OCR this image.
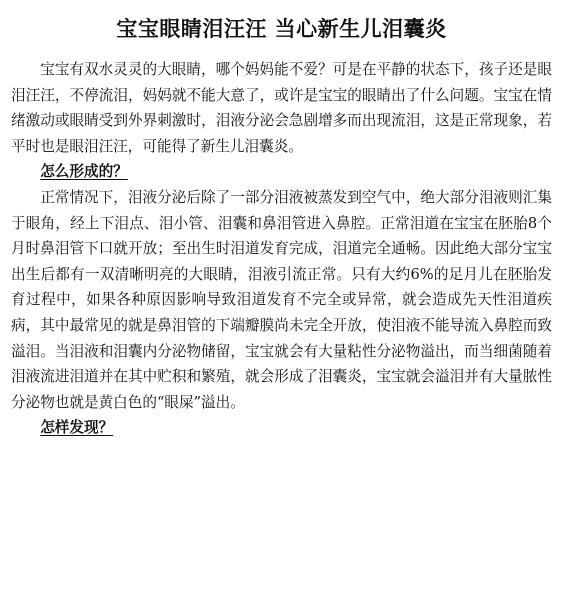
宝宝眼睛泪汪汪 当心新生儿泪囊炎

宝宝有双水灵灵的大眼睛，哪个妈妈能不爱？可是在平静的状态下，孩子还是眼泪汪汪，不停流泪，妈妈就不能大意了，或许是宝宝的眼睛出了什么问题。宝宝在情绪激动或眼睛受到外界刺激时，泪液分泌会急剧增多而出现流泪，这是正常现象，若平时也是眼泪汪汪，可能得了新生儿泪囊炎。

怎么形成的？

正常情况下，泪液分泌后除了一部分泪液被蒸发到空气中，绝大部分泪液则汇集于眼角，经上下泪点、泪小管、泪囊和鼻泪管进入鼻腔。正常泪道在宝宝在胚胎8个月时鼻泪管下口就开放；至出生时泪道发育完成，泪道完全通畅。因此绝大部分宝宝出生后都有一双清晰明亮的大眼睛，泪液引流正常。只有大约6%的足月儿在胚胎发育过程中，如果各种原因影响导致泪道发育不完全或异常，就会造成先天性泪道疾病，其中最常见的就是鼻泪管的下端瓣膜尚未完全开放，使泪液不能导流入鼻腔而致溢泪。当泪液和泪囊内分泌物储留，宝宝就会有大量粘性分泌物溢出，而当细菌随着泪液流进泪道并在其中贮积和繁殖，就会形成了泪囊炎，宝宝就会溢泪并有大量脓性分泌物也就是黄白色的“眼屎”溢出。

怎样发现？
